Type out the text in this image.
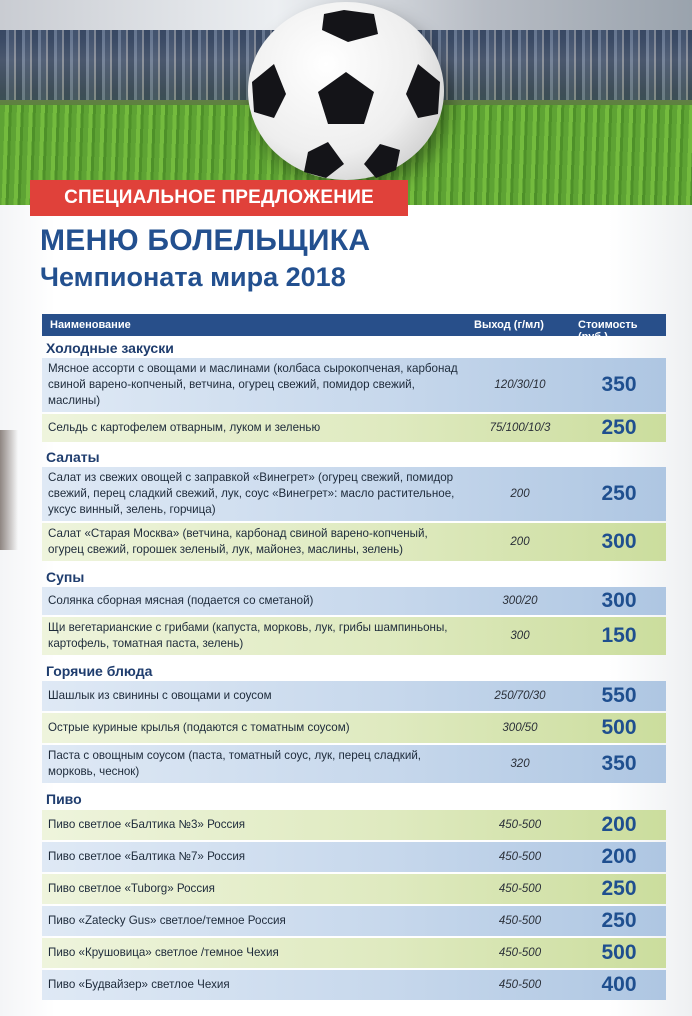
СПЕЦИАЛЬНОЕ ПРЕДЛОЖЕНИЕ
МЕНЮ БОЛЕЛЬЩИКА
Чемпионата мира 2018
Наименование	Выход (г/мл)	Стоимость (руб.)
Холодные закуски
Мясное ассорти с овощами и маслинами (колбаса сырокопченая, карбонад свиной варено-копченый, ветчина, огурец свежий, помидор свежий, маслины)
120/30/10	350
Сельдь с картофелем отварным, луком и зеленью	75/100/10/3	250
Салаты
Салат из свежих овощей с заправкой «Винегрет» (огурец свежий, помидор свежий, перец сладкий свежий, лук, соус «Винегрет»: масло растительное, уксус винный, зелень, горчица)
200	250
Салат «Старая Москва» (ветчина, карбонад свиной варено-копченый, огурец свежий, горошек зеленый, лук, майонез, маслины, зелень)
200	300
Супы
Солянка сборная мясная (подается со сметаной)	300/20	300
Щи вегетарианские с грибами (капуста, морковь, лук, грибы шампиньоны, картофель, томатная паста, зелень)
300	150
Горячие блюда
Шашлык из свинины с овощами и соусом	250/70/30	550
Острые куриные крылья (подаются с томатным соусом)	300/50	500
Паста с овощным соусом (паста, томатный соус, лук, перец сладкий, морковь, чеснок)
320	350
Пиво
Пиво светлое «Балтика №3» Россия	450-500	200
Пиво светлое «Балтика №7» Россия	450-500	200
Пиво светлое «Tuborg» Россия	450-500	250
Пиво «Zatecky Gus» светлое/темное Россия	450-500	250
Пиво «Крушовица» светлое /темное Чехия	450-500	500
Пиво «Будвайзер» светлое Чехия	450-500	400
